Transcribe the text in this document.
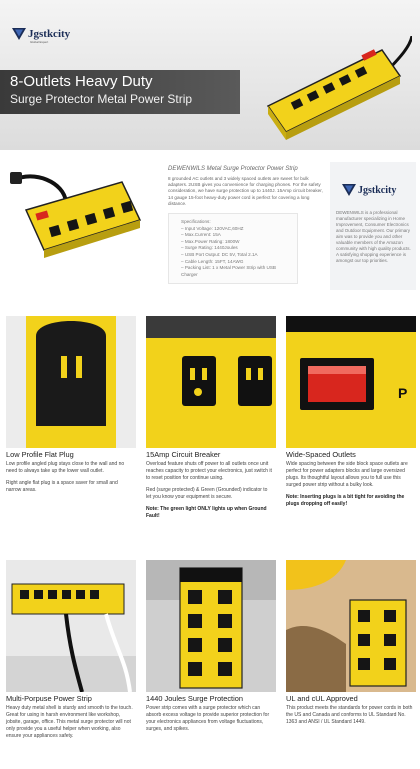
Jgstkcity
Global Expert
8-Outlets Heavy Duty
Surge Protector Metal Power Strip
DEWENWILS Metal Surge Protector Power Strip
8 grounded AC outlets and 3 widely spaced outlets are sweet for bulk adapters. 2USB gives you convenience for charging phones. For the safety consideration, we have surge protection up to 1440J. 15Amp circuit breaker, 14 gauge 15-foot heavy-duty power cord is perfect for covering a long distance.
Specifications:
– Input Voltage: 120VAC,60HZ
– Max.Current: 15A
– Max.Power Rating: 1800W
– Surge Rating: 1440Joules
– USB Port Output: DC 5V, Total 2.1A
– Cable Length: 15FT, 14AWG
– Packing List: 1 x Metal Power Strip with USB Charger
Jgstkcity
DEWENWILS is a professional manufacturer specializing in Home Improvement, Consumer Electronics and Outdoor Equipment. Our primary aim was to provide you and other valuable members of the Amazon community with high quality products. A satisfying shopping experience is amongst our top priorities.
P
Low Profile Flat Plug

Low profile angled plug stays close to the wall and no need to always take up the lower wall outlet.

Right angle flat plug is a space saver for small and narrow areas.

15Amp Circuit Breaker

Overload feature shuts off power to all outlets once unit reaches capacity to protect your electronics, just switch it to reset position for continue using.

Red (surge protected) & Green (Grounded) indicator to let you know your equipment is secure.

Note: The green light ONLY lights up when Ground Fault!

Wide-Spaced Outlets

Wide spacing between the side block space outlets are perfect for power adapters blocks and large oversized plugs. Its thoughtful layout allows you to full use this surged power strip without a bulky look.

Note: Inserting plugs is a bit tight for avoiding the plugs dropping off easily!

Multi-Porpuse Power Strip

Heavy duty metal shell is sturdy and smooth to the touch. Great for using in harsh environment like workshop, jobsite, garage, office. This metal surge protector will not only provide you a useful helper when working, also ensure your appliances safety.

1440 Joules Surge Protection

Power strip comes with a surge protector which can absorb excess voltage to provide superior protection for your electronics appliances from voltage fluctuations, surges, and spikes.

UL and cUL Approved

This product meets the standards for power cords in both the US and Canada and conforms to UL Standard No. 1363 and ANSI / UL Standard 1449.
